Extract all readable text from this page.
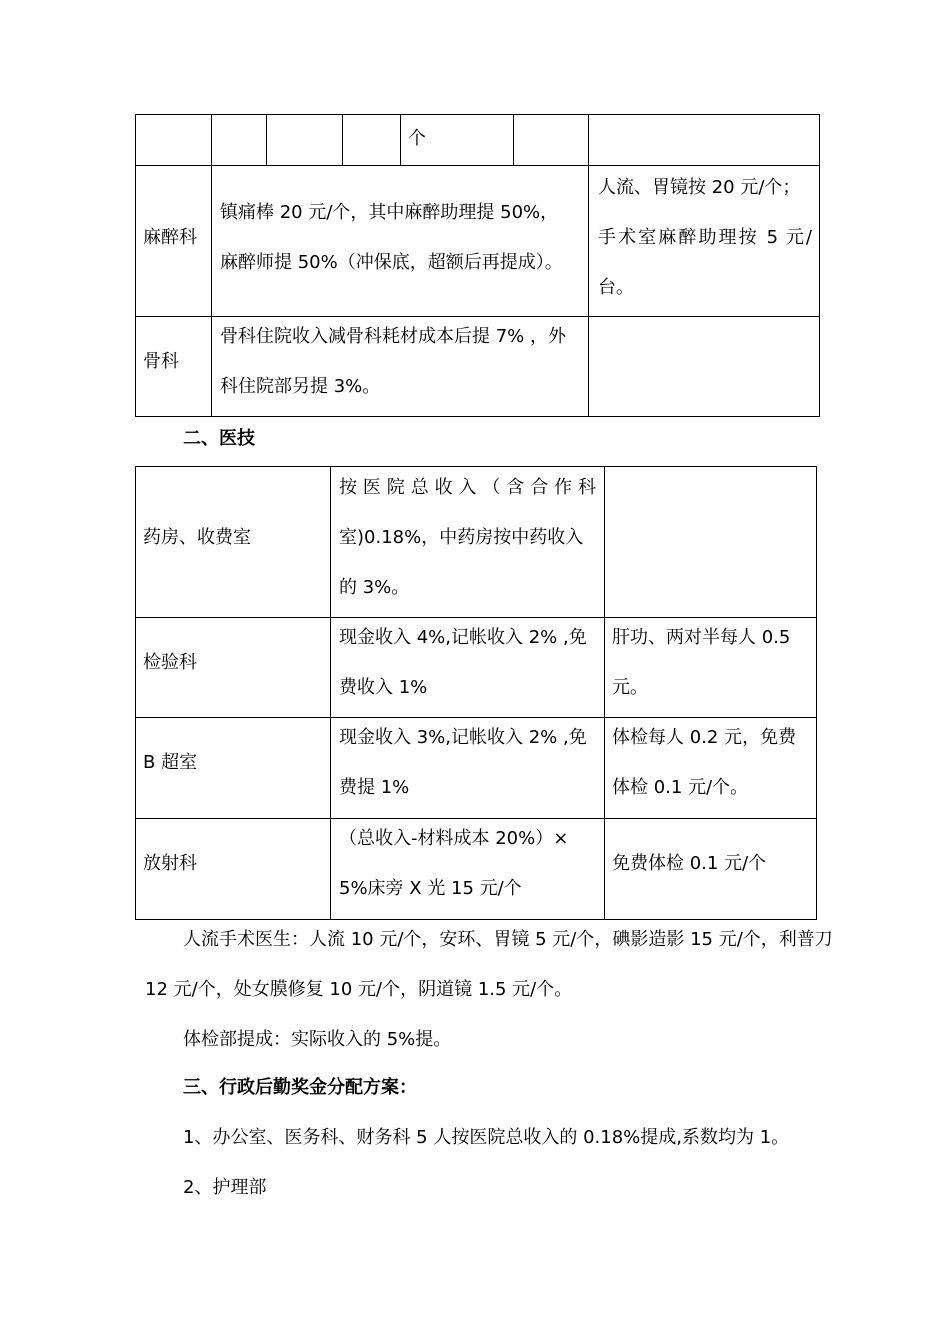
个
麻醉科
镇痛棒 20 元/个，其中麻醉助理提 50%，
麻醉师提 50%（冲保底，超额后再提成）。
人流、胃镜按 20 元/个；
手术室麻醉助理按 5 元/
台。
骨科
骨科住院收入减骨科耗材成本后提 7% ，外
科住院部另提 3%。
二、医技
药房、收费室
按医院总收入（含合作科
室)0.18%，中药房按中药收入
的 3%。
检验科
现金收入 4%,记帐收入 2% ,免
费收入 1%
肝功、两对半每人 0.5
元。
B 超室
现金收入 3%,记帐收入 2% ,免
费提 1%
体检每人 0.2 元，免费
体检 0.1 元/个。
放射科
（总收入-材料成本 20%）×
5%床旁 X 光 15 元/个
免费体检 0.1 元/个
人流手术医生：人流 10 元/个，安环、胃镜 5 元/个，碘影造影 15 元/个，利普刀
12 元/个，处女膜修复 10 元/个，阴道镜 1.5 元/个。
体检部提成：实际收入的 5%提。
三、行政后勤奖金分配方案：
1、办公室、医务科、财务科 5 人按医院总收入的 0.18%提成,系数均为 1。
2、护理部
